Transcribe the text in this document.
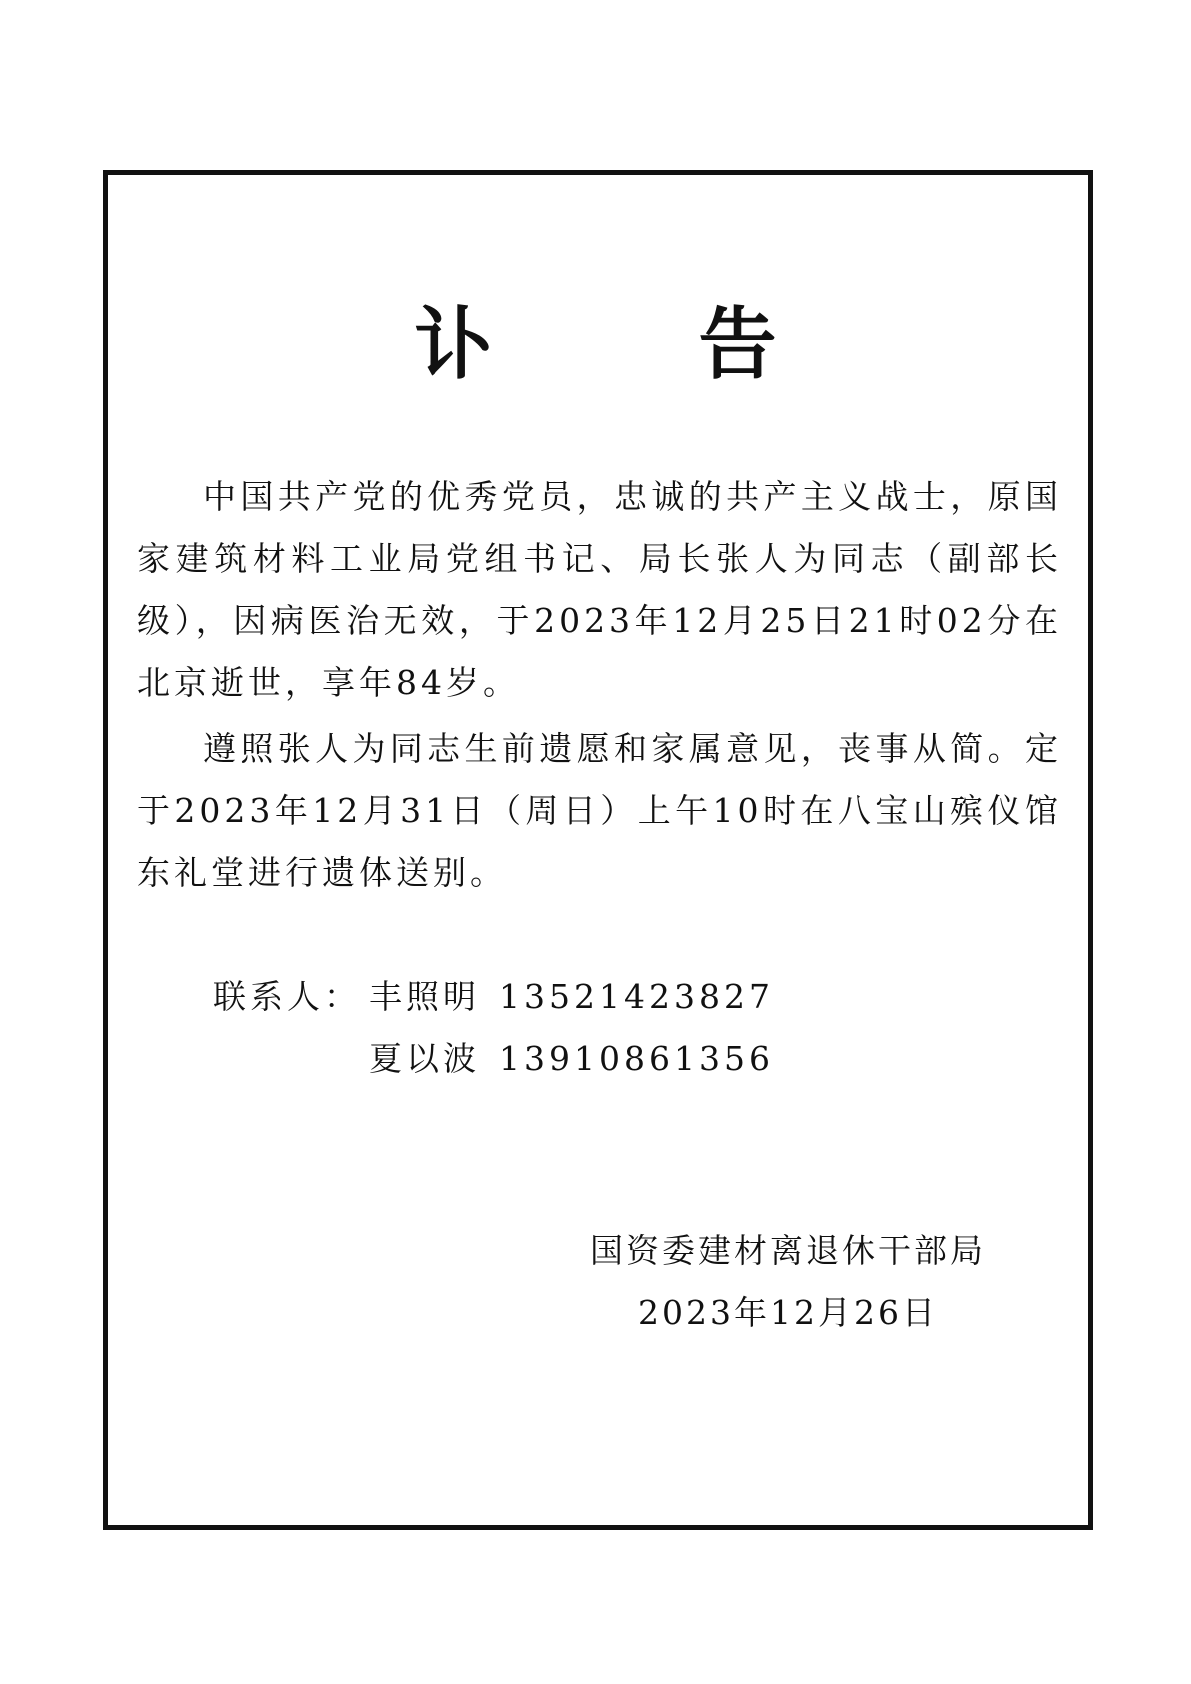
讣　告

中国共产党的优秀党员，忠诚的共产主义战士，原国家建筑材料工业局党组书记、局长张人为同志（副部长级），因病医治无效，于2023年12月25日21时02分在北京逝世，享年84岁。

遵照张人为同志生前遗愿和家属意见，丧事从简。定于2023年12月31日（周日）上午10时在八宝山殡仪馆东礼堂进行遗体送别。

联系人： 丰照明 13521423827
夏以波 13910861356
国资委建材离退休干部局
2023年12月26日
